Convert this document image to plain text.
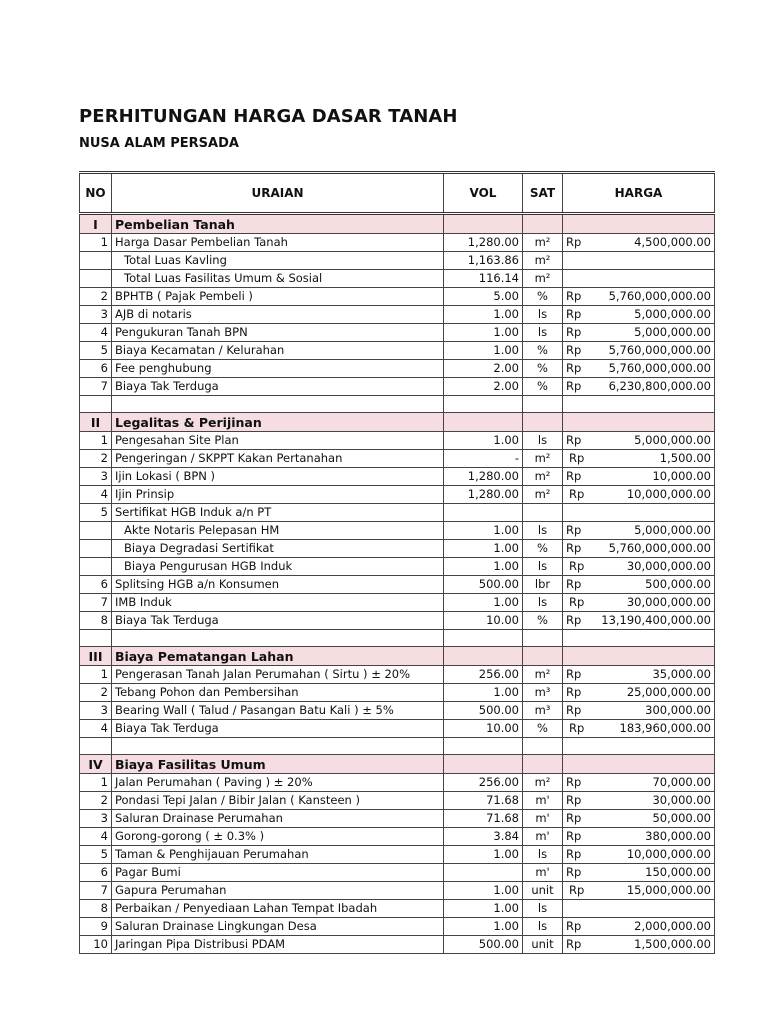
PERHITUNGAN HARGA DASAR TANAH
NUSA ALAM PERSADA
NO	URAIAN	VOL	SAT	HARGA	
I	Pembelian Tanah				
1	Harga Dasar Pembelian Tanah	1,280.00	m²	Rp	4,500,000.00
	Total Luas Kavling	1,163.86	m²		
	Total Luas Fasilitas Umum & Sosial	116.14	m²		
2	BPHTB ( Pajak Pembeli )	5.00	%	Rp	5,760,000,000.00
3	AJB di notaris	1.00	ls	Rp	5,000,000.00
4	Pengukuran Tanah BPN	1.00	ls	Rp	5,000,000.00
5	Biaya Kecamatan / Kelurahan	1.00	%	Rp	5,760,000,000.00
6	Fee penghubung	2.00	%	Rp	5,760,000,000.00
7	Biaya Tak Terduga	2.00	%	Rp	6,230,800,000.00

II	Legalitas & Perijinan				
1	Pengesahan Site Plan	1.00	ls	Rp	5,000,000.00
2	Pengeringan / SKPPT Kakan Pertanahan	-	m²	Rp	1,500.00
3	Ijin Lokasi ( BPN )	1,280.00	m²	Rp	10,000.00
4	Ijin Prinsip	1,280.00	m²	Rp	10,000,000.00
5	Sertifikat HGB Induk a/n PT				
	Akte Notaris Pelepasan HM	1.00	ls	Rp	5,000,000.00
	Biaya Degradasi Sertifikat	1.00	%	Rp	5,760,000,000.00
	Biaya Pengurusan HGB Induk	1.00	ls	Rp	30,000,000.00
6	Splitsing HGB a/n Konsumen	500.00	lbr	Rp	500,000.00
7	IMB Induk	1.00	ls	Rp	30,000,000.00
8	Biaya Tak Terduga	10.00	%	Rp	13,190,400,000.00

III	Biaya Pematangan Lahan				
1	Pengerasan Tanah Jalan Perumahan ( Sirtu ) ± 20%	256.00	m²	Rp	35,000.00
2	Tebang Pohon dan Pembersihan	1.00	m³	Rp	25,000,000.00
3	Bearing Wall ( Talud / Pasangan Batu Kali ) ± 5%	500.00	m³	Rp	300,000.00
4	Biaya Tak Terduga	10.00	%	Rp	183,960,000.00

IV	Biaya Fasilitas Umum				
1	Jalan Perumahan ( Paving ) ± 20%	256.00	m²	Rp	70,000.00
2	Pondasi Tepi Jalan / Bibir Jalan ( Kansteen )	71.68	m'	Rp	30,000.00
3	Saluran Drainase Perumahan	71.68	m'	Rp	50,000.00
4	Gorong-gorong ( ± 0.3% )	3.84	m'	Rp	380,000.00
5	Taman & Penghijauan Perumahan	1.00	ls	Rp	10,000,000.00
6	Pagar Bumi		m'	Rp	150,000.00
7	Gapura Perumahan	1.00	unit	Rp	15,000,000.00
8	Perbaikan / Penyediaan Lahan Tempat Ibadah	1.00	ls		
9	Saluran Drainase Lingkungan Desa	1.00	ls	Rp	2,000,000.00
10	Jaringan Pipa Distribusi PDAM	500.00	unit	Rp	1,500,000.00
